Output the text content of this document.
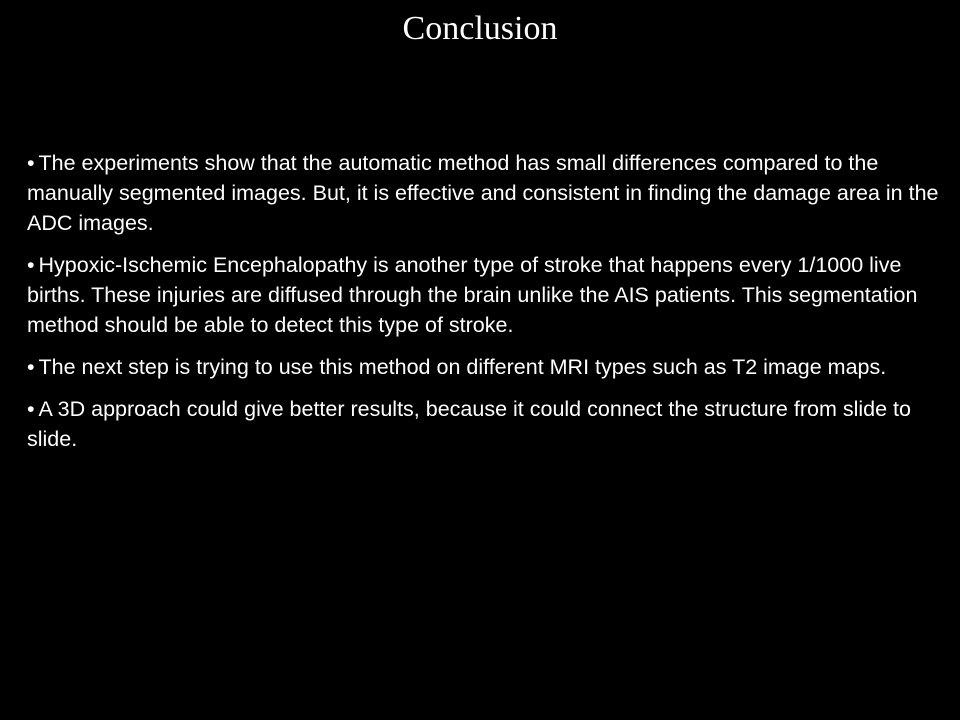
Conclusion

• The experiments show that the automatic method has small differences compared to the manually segmented images. But, it is effective and consistent in finding the damage area in the ADC images.

• Hypoxic-Ischemic Encephalopathy is another type of stroke that happens every 1/1000 live births. These injuries are diffused through the brain unlike the AIS patients. This segmentation method should be able to detect this type of stroke.

• The next step is trying to use this method on different MRI types such as T2 image maps.

• A 3D approach could give better results, because it could connect the structure from slide to slide.
